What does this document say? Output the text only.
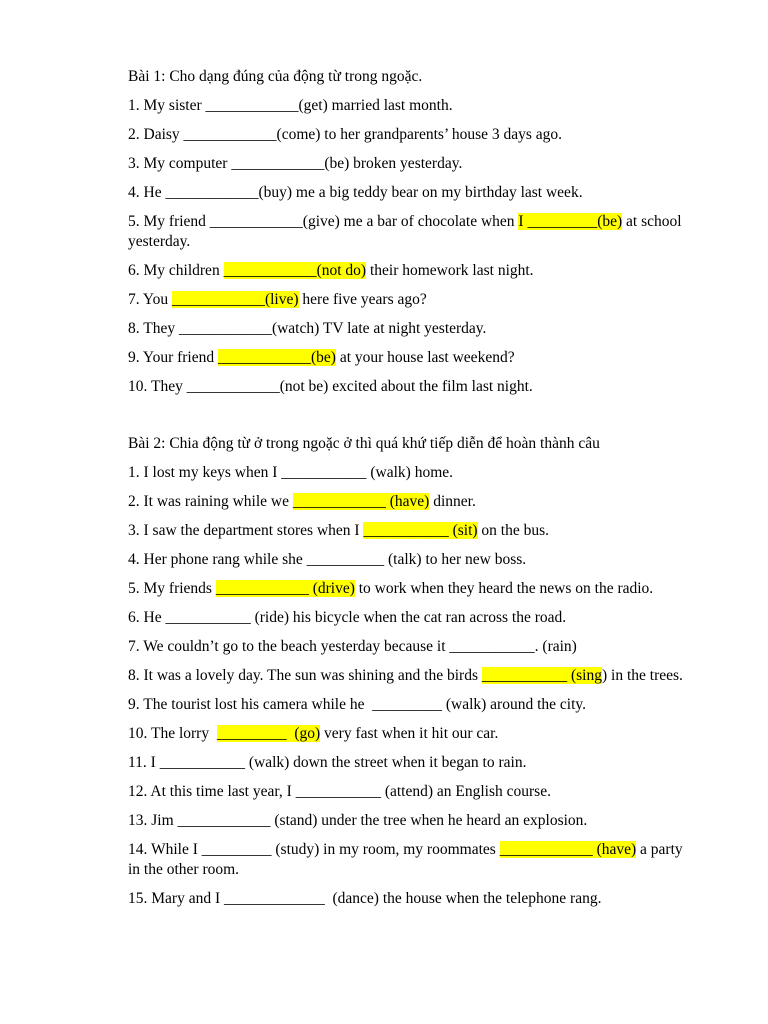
Bài 1: Cho dạng đúng của động từ trong ngoặc.

1. My sister ____________(get) married last month.

2. Daisy ____________(come) to her grandparents’ house 3 days ago.

3. My computer ____________(be) broken yesterday.

4. He ____________(buy) me a big teddy bear on my birthday last week.

5. My friend ____________(give) me a bar of chocolate when I _________(be) at school yesterday.

6. My children ____________(not do) their homework last night.

7. You ____________(live) here five years ago?

8. They ____________(watch) TV late at night yesterday.

9. Your friend ____________(be) at your house last weekend?

10. They ____________(not be) excited about the film last night.

Bài 2: Chia động từ ở trong ngoặc ở thì quá khứ tiếp diễn để hoàn thành câu

1. I lost my keys when I ___________ (walk) home.

2. It was raining while we ____________ (have) dinner.

3. I saw the department stores when I ___________ (sit) on the bus.

4. Her phone rang while she __________ (talk) to her new boss.

5. My friends ____________ (drive) to work when they heard the news on the radio.

6. He ___________ (ride) his bicycle when the cat ran across the road.

7. We couldn’t go to the beach yesterday because it ___________. (rain)

8. It was a lovely day. The sun was shining and the birds ___________ (sing) in the trees.

9. The tourist lost his camera while he  _________ (walk) around the city.

10. The lorry  _________  (go) very fast when it hit our car.

11. I ___________ (walk) down the street when it began to rain.

12. At this time last year, I ___________ (attend) an English course.

13. Jim ____________ (stand) under the tree when he heard an explosion.

14. While I _________ (study) in my room, my roommates ____________ (have) a party in the other room.

15. Mary and I _____________  (dance) the house when the telephone rang.
